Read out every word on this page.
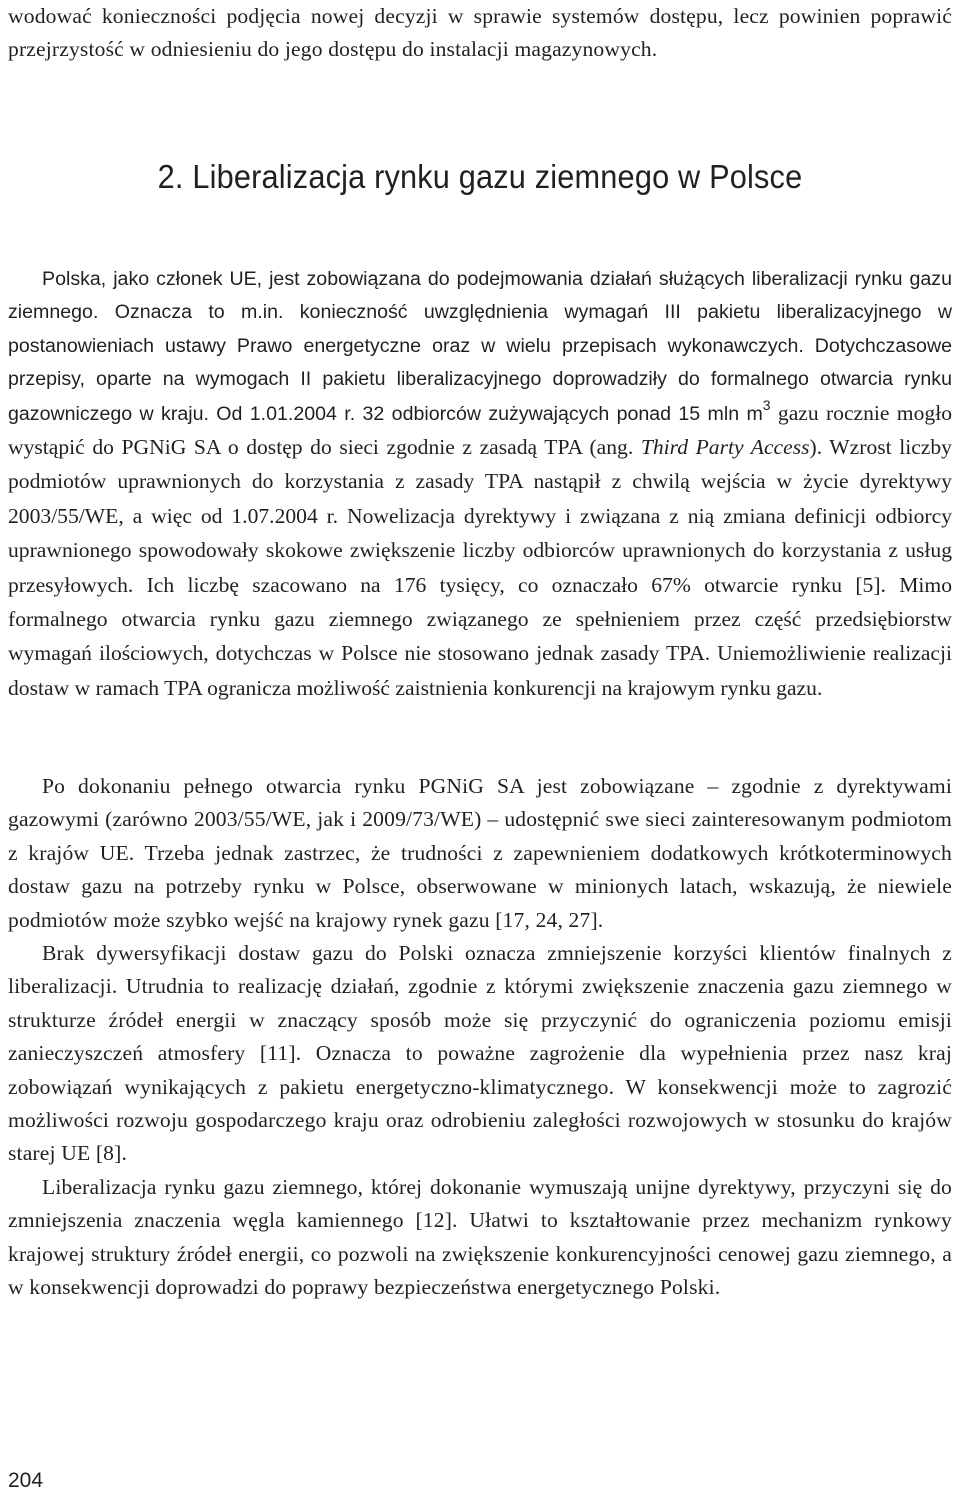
wodować konieczności podjęcia nowej decyzji w sprawie systemów dostępu, lecz powinien poprawić przejrzystość w odniesieniu do jego dostępu do instalacji magazynowych.

2. Liberalizacja rynku gazu ziemnego w Polsce

Polska, jako członek UE, jest zobowiązana do podejmowania działań służących liberalizacji rynku gazu ziemnego. Oznacza to m.in. konieczność uwzględnienia wymagań III pakietu liberalizacyjnego w postanowieniach ustawy Prawo energetyczne oraz w wielu przepisach wykonawczych. Dotychczasowe przepisy, oparte na wymogach II pakietu liberalizacyjnego doprowadziły do formalnego otwarcia rynku gazowniczego w kraju. Od 1.01.2004 r. 32 odbiorców zużywających ponad 15 mln $m^3$ gazu rocznie mogło wystąpić do PGNiG SA o dostęp do sieci zgodnie z zasadą TPA (ang. Third Party Access). Wzrost liczby podmiotów uprawnionych do korzystania z zasady TPA nastąpił z chwilą wejścia w życie dyrektywy 2003/55/WE, a więc od 1.07.2004 r. Nowelizacja dyrektywy i związana z nią zmiana definicji odbiorcy uprawnionego spowodowały skokowe zwiększenie liczby odbiorców uprawnionych do korzystania z usług przesyłowych. Ich liczbę szacowano na 176 tysięcy, co oznaczało 67% otwarcie rynku [5]. Mimo formalnego otwarcia rynku gazu ziemnego związanego ze spełnieniem przez część przedsiębiorstw wymagań ilościowych, dotychczas w Polsce nie stosowano jednak zasady TPA. Uniemożliwienie realizacji dostaw w ramach TPA ogranicza możliwość zaistnienia konkurencji na krajowym rynku gazu.

Po dokonaniu pełnego otwarcia rynku PGNiG SA jest zobowiązane – zgodnie z dyrektywami gazowymi (zarówno 2003/55/WE, jak i 2009/73/WE) – udostępnić swe sieci zainteresowanym podmiotom z krajów UE. Trzeba jednak zastrzec, że trudności z zapewnieniem dodatkowych krótkoterminowych dostaw gazu na potrzeby rynku w Polsce, obserwowane w minionych latach, wskazują, że niewiele podmiotów może szybko wejść na krajowy rynek gazu [17, 24, 27].

Brak dywersyfikacji dostaw gazu do Polski oznacza zmniejszenie korzyści klientów finalnych z liberalizacji. Utrudnia to realizację działań, zgodnie z którymi zwiększenie znaczenia gazu ziemnego w strukturze źródeł energii w znaczący sposób może się przyczynić do ograniczenia poziomu emisji zanieczyszczeń atmosfery [11]. Oznacza to poważne zagrożenie dla wypełnienia przez nasz kraj zobowiązań wynikających z pakietu energetyczno-klimatycznego. W konsekwencji może to zagrozić możliwości rozwoju gospodarczego kraju oraz odrobieniu zaległości rozwojowych w stosunku do krajów starej UE [8].

Liberalizacja rynku gazu ziemnego, której dokonanie wymuszają unijne dyrektywy, przyczyni się do zmniejszenia znaczenia węgla kamiennego [12]. Ułatwi to kształtowanie przez mechanizm rynkowy krajowej struktury źródeł energii, co pozwoli na zwiększenie konkurencyjności cenowej gazu ziemnego, a w konsekwencji doprowadzi do poprawy bezpieczeństwa energetycznego Polski.

204
